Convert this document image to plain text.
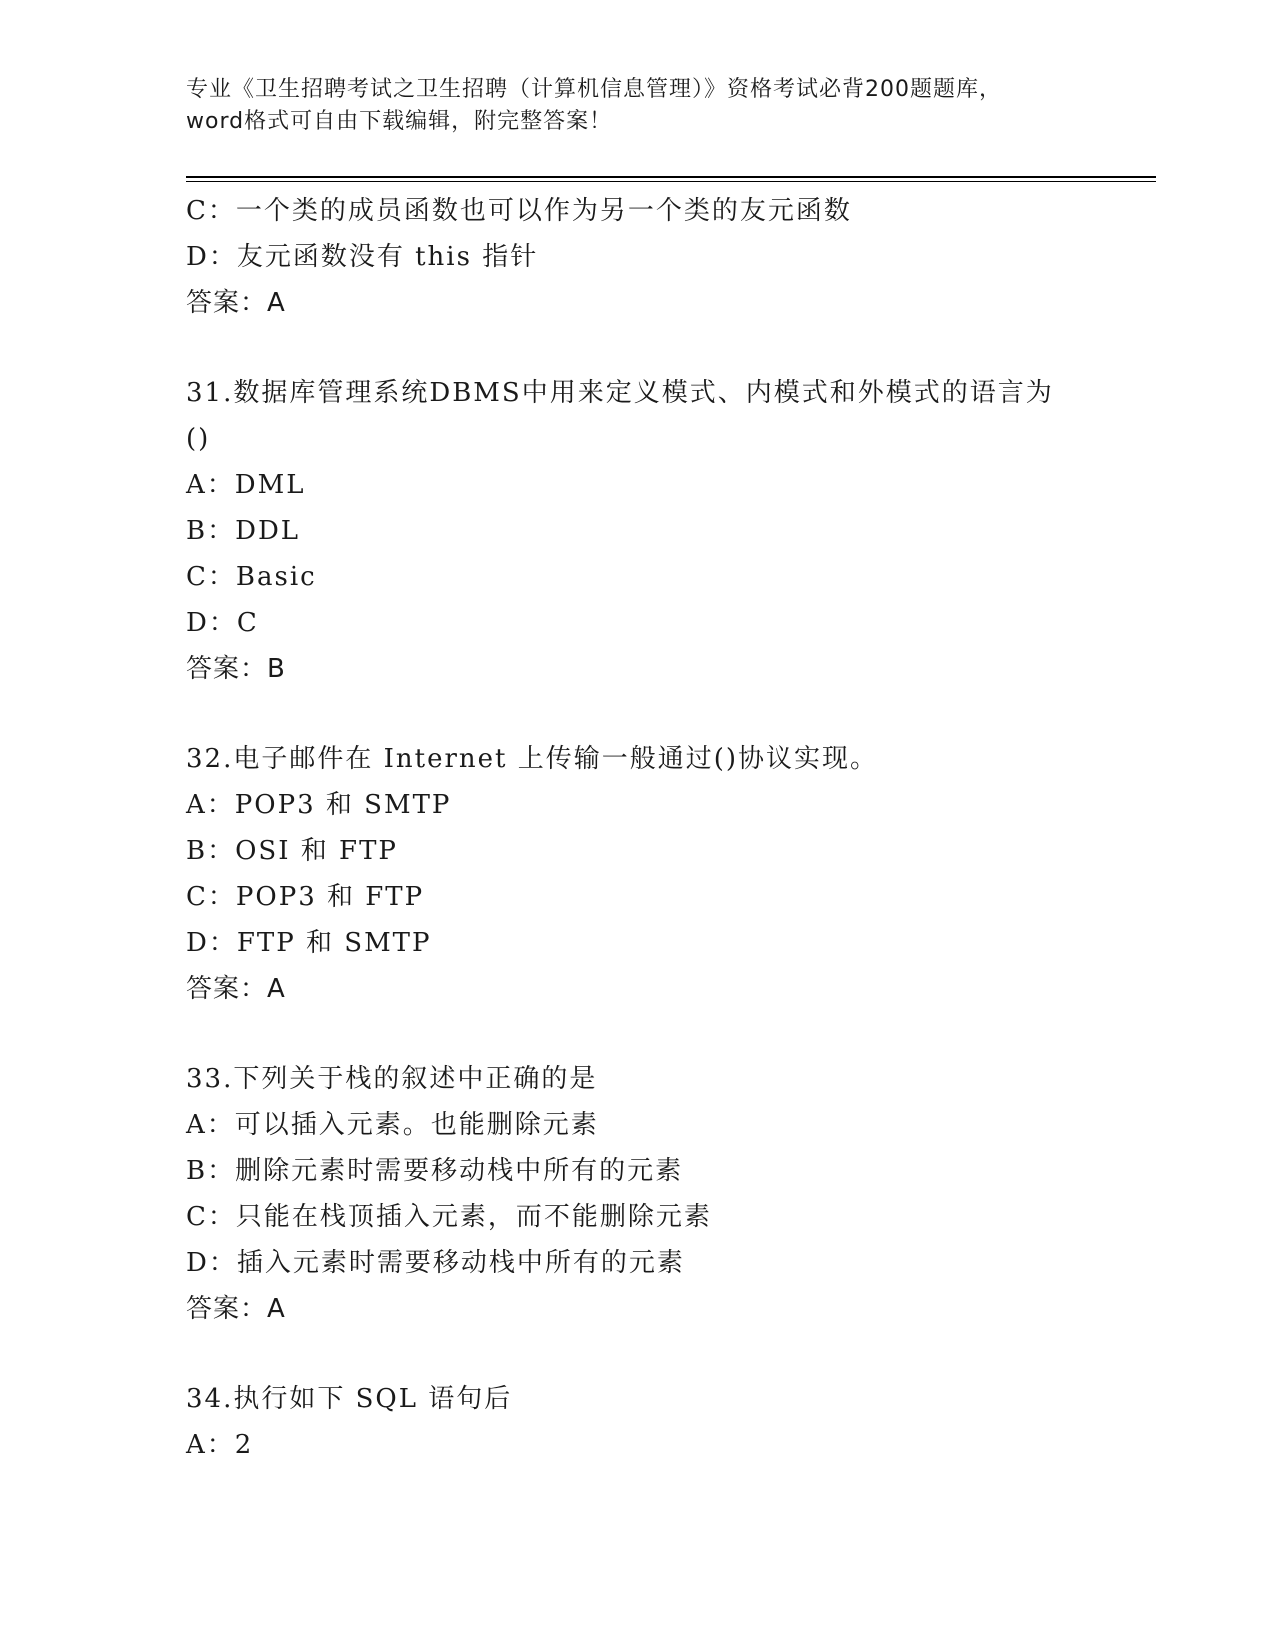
专业《卫生招聘考试之卫生招聘（计算机信息管理）》资格考试必背200题题库，
word格式可自由下载编辑，附完整答案！
C：一个类的成员函数也可以作为另一个类的友元函数
D：友元函数没有 this 指针
答案：A
31.数据库管理系统DBMS中用来定义模式、内模式和外模式的语言为
()
A：DML
B：DDL
C：Basic
D：C
答案：B
32.电子邮件在 Internet 上传输一般通过()协议实现。
A：POP3 和 SMTP
B：OSI 和 FTP
C：POP3 和 FTP
D：FTP 和 SMTP
答案：A
33.下列关于栈的叙述中正确的是
A：可以插入元素。也能删除元素
B：删除元素时需要移动栈中所有的元素
C：只能在栈顶插入元素，而不能删除元素
D：插入元素时需要移动栈中所有的元素
答案：A
34.执行如下 SQL 语句后
A：2
